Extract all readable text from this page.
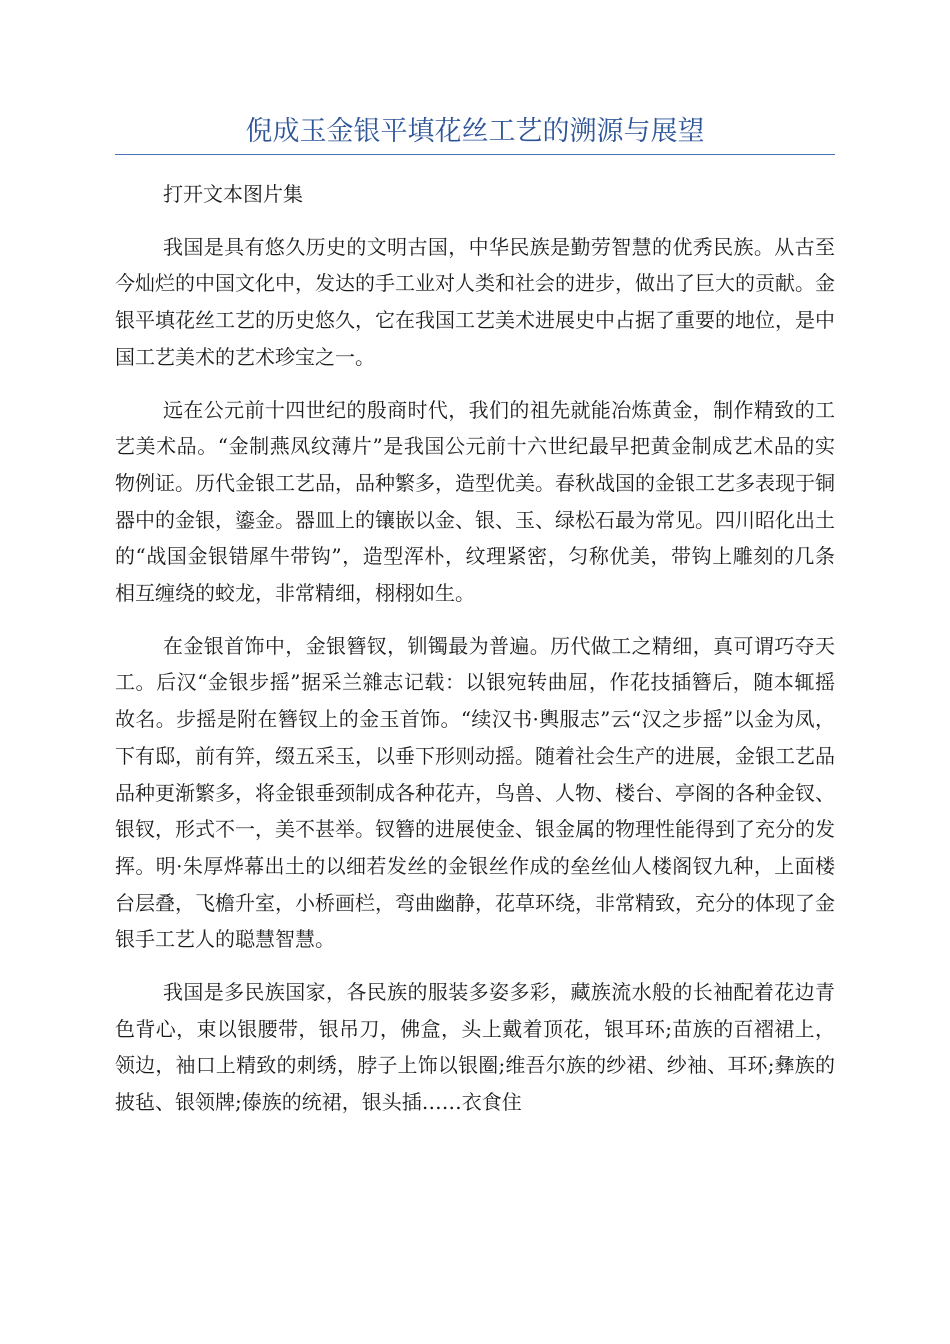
倪成玉金银平填花丝工艺的溯源与展望

打开文本图片集

我国是具有悠久历史的文明古国，中华民族是勤劳智慧的优秀民族。从古至今灿烂的中国文化中，发达的手工业对人类和社会的进步，做出了巨大的贡献。金银平填花丝工艺的历史悠久，它在我国工艺美术进展史中占据了重要的地位，是中国工艺美术的艺术珍宝之一。

远在公元前十四世纪的殷商时代，我们的祖先就能冶炼黄金，制作精致的工艺美术品。“金制燕凤纹薄片”是我国公元前十六世纪最早把黄金制成艺术品的实物例证。历代金银工艺品，品种繁多，造型优美。春秋战国的金银工艺多表现于铜器中的金银，鎏金。器皿上的镶嵌以金、银、玉、绿松石最为常见。四川昭化出土的“战国金银错犀牛带钩”，造型浑朴，纹理紧密，匀称优美，带钩上雕刻的几条相互缠绕的蛟龙，非常精细，栩栩如生。

在金银首饰中，金银簪钗，钏镯最为普遍。历代做工之精细，真可谓巧夺天工。后汉“金银步摇”据采兰雜志记载：以银宛转曲屈，作花技插簪后，随本辄摇故名。步摇是附在簪钗上的金玉首饰。“续汉书·輿服志”云“汉之步摇”以金为凤，下有邸，前有笄，缀五采玉，以垂下形则动摇。随着社会生产的进展，金银工艺品品种更渐繁多，将金银垂颈制成各种花卉，鸟兽、人物、楼台、亭阁的各种金钗、银钗，形式不一，美不甚举。钗簪的进展使金、银金属的物理性能得到了充分的发挥。明·朱厚烨幕出土的以细若发丝的金银丝作成的垒丝仙人楼阁钗九种，上面楼台层叠，飞檐升室，小桥画栏，弯曲幽静，花草环绕，非常精致，充分的体现了金银手工艺人的聪慧智慧。

我国是多民族国家，各民族的服装多姿多彩，藏族流水般的长袖配着花边青色背心，束以银腰带，银吊刀，佛盒，头上戴着顶花，银耳环;苗族的百褶裙上，领边，袖口上精致的刺绣，脖子上饰以银圈;维吾尔族的纱裙、纱袖、耳环;彝族的披毡、银领牌;傣族的统裙，银头插……衣食住
